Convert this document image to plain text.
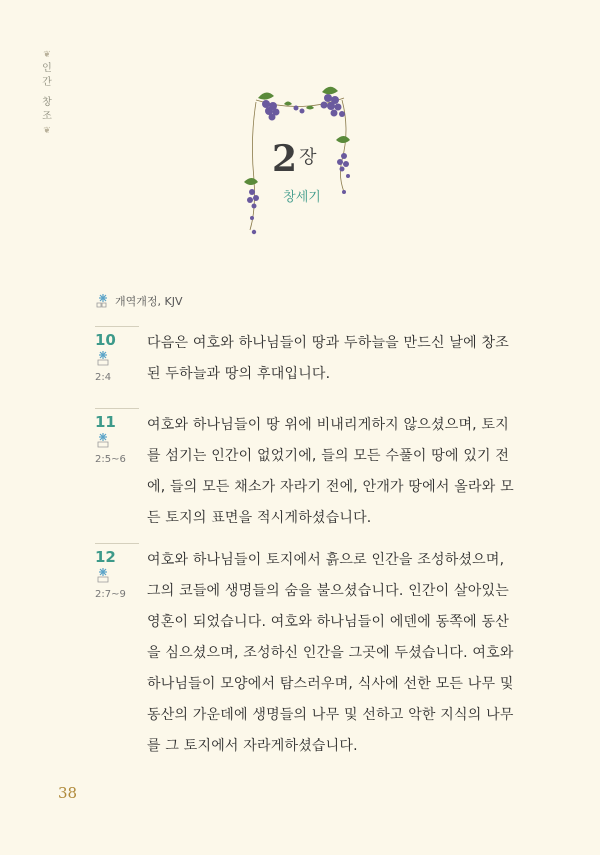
❦
인간
창조
❦
2 $^장$
창세기
개역개정, KJV
10
2:4
다음은 여호와 하나님들이 땅과 두하늘을 만드신 날에 창조
된 두하늘과 땅의 후대입니다.
11
2:5~6
여호와 하나님들이 땅 위에 비내리게하지 않으셨으며, 토지
를 섬기는 인간이 없었기에, 들의 모든 수풀이 땅에 있기 전
에, 들의 모든 채소가 자라기 전에, 안개가 땅에서 올라와 모
든 토지의 표면을 적시게하셨습니다.
12
2:7~9
여호와 하나님들이 토지에서 흙으로 인간을 조성하셨으며,
그의 코들에 생명들의 숨을 불으셨습니다. 인간이 살아있는
영혼이 되었습니다. 여호와 하나님들이 에덴에 동쪽에 동산
을 심으셨으며, 조성하신 인간을 그곳에 두셨습니다. 여호와
하나님들이 모양에서 탐스러우며, 식사에 선한 모든 나무 및
동산의 가운데에 생명들의 나무 및 선하고 악한 지식의 나무
를 그 토지에서 자라게하셨습니다.
38
